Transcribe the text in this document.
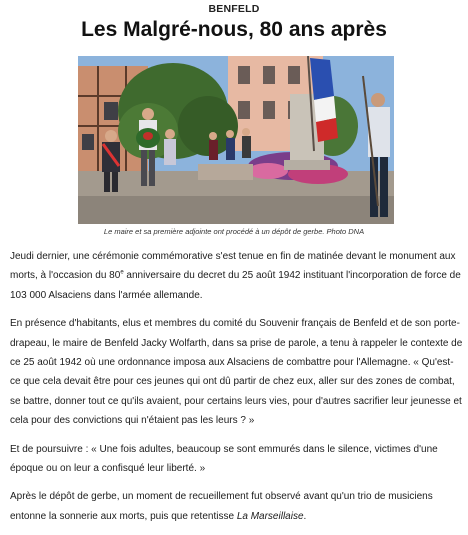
BENFELD
Les Malgré-nous, 80 ans après
Le maire et sa première adjointe ont procédé à un dépôt de gerbe. Photo DNA

Jeudi dernier, une cérémonie commémorative s'est tenue en fin de matinée devant le monument aux morts, à l'occasion du 80e anniversaire du decret du 25 août 1942 instituant l'incorporation de force de 103 000 Alsaciens dans l'armée allemande.

En présence d'habitants, elus et membres du comité du Souvenir français de Benfeld et de son porte-drapeau, le maire de Benfeld Jacky Wolfarth, dans sa prise de parole, a tenu à rappeler le contexte de ce 25 août 1942 où une ordonnance imposa aux Alsaciens de combattre pour l'Allemagne. « Qu'est-ce que cela devait être pour ces jeunes qui ont dû partir de chez eux, aller sur des zones de combat, se battre, donner tout ce qu'ils avaient, pour certains leurs vies, pour d'autres sacrifier leur jeunesse et cela pour des convictions qui n'étaient pas les leurs ? »

Et de poursuivre : « Une fois adultes, beaucoup se sont emmurés dans le silence, victimes d'une époque ou on leur a confisqué leur liberté. »

Après le dépôt de gerbe, un moment de recueillement fut observé avant qu'un trio de musiciens entonne la sonnerie aux morts, puis que retentisse La Marseillaise.
